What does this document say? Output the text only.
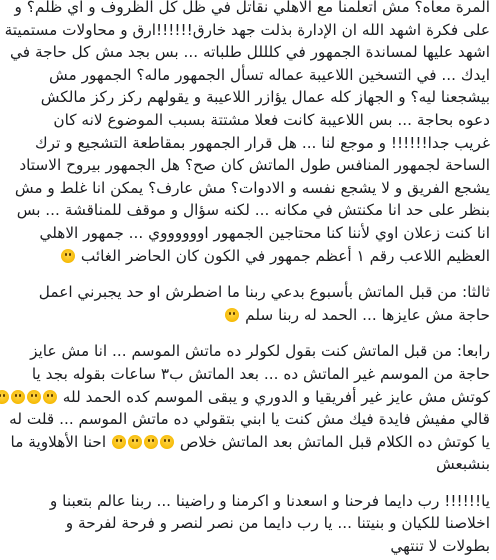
المرة معاه؟ مش اتعلمنا مع الاهلي نقاتل في ظل كل الظروف و اي ظلم؟ و
على فكرة اشهد الله ان الإدارة بذلت جهد خارق!!!!!!ارق و محاولات مستميتة
اشهد عليها لمساندة الجمهور في كلللل طلباته ... بس بجد مش كل حاجة في
ايدك ... في التسخين اللاعيبة عماله تسأل الجمهور ماله؟ الجمهور مش
بيشجعنا ليه؟ و الجهاز كله عمال يؤازر اللاعيبة و يقولهم ركز ركز مالكش
دعوه بحاجة ... بس اللاعيبة كانت فعلا مشتتة بسبب الموضوع لانه كان
غريب جدا!!!!!! و موجع لنا ... هل قرار الجمهور بمقاطعة التشجيع و ترك
الساحة لجمهور المنافس طول الماتش كان صح؟ هل الجمهور بيروح الاستاد
يشجع الفريق و لا يشجع نفسه و الادوات؟ مش عارف؟ يمكن انا غلط و مش
بنظر على حد انا مكنتش في مكانه ... لكنه سؤال و موقف للمناقشة ... بس
انا كنت زعلان اوي لأننا كنا محتاجين الجمهور اووووووي ... جمهور الاهلي
العظيم اللاعب رقم ١ أعظم جمهور في الكون كان الحاضر الغائب
ثالثا: من قبل الماتش بأسبوع بدعي ربنا ما اضطرش او حد يجبرني اعمل
حاجة مش عايزها ... الحمد له ربنا سلم
رابعا: من قبل الماتش كنت بقول لكولر ده ماتش الموسم ... انا مش عايز
حاجة من الموسم غير الماتش ده ... بعد الماتش ب٣ ساعات بقوله بجد يا
كوتش مش عايز غير أفريقيا و الدوري و يبقى الموسم كده الحمد لله
قالي مفيش فايدة فيك مش كنت يا ابني بتقولي ده ماتش الموسم ... قلت له
يا كوتش ده الكلام قبل الماتش بعد الماتش خلاص  احنا الأهلاوية ما
بنشبعش
يا!!!!!! رب دايما فرحنا و اسعدنا و اكرمنا و راضينا ... ربنا عالم بتعبنا و
اخلاصنا للكيان و بنيتنا ... يا رب دايما من نصر لنصر و فرحة لفرحة و
بطولات لا تنتهي
